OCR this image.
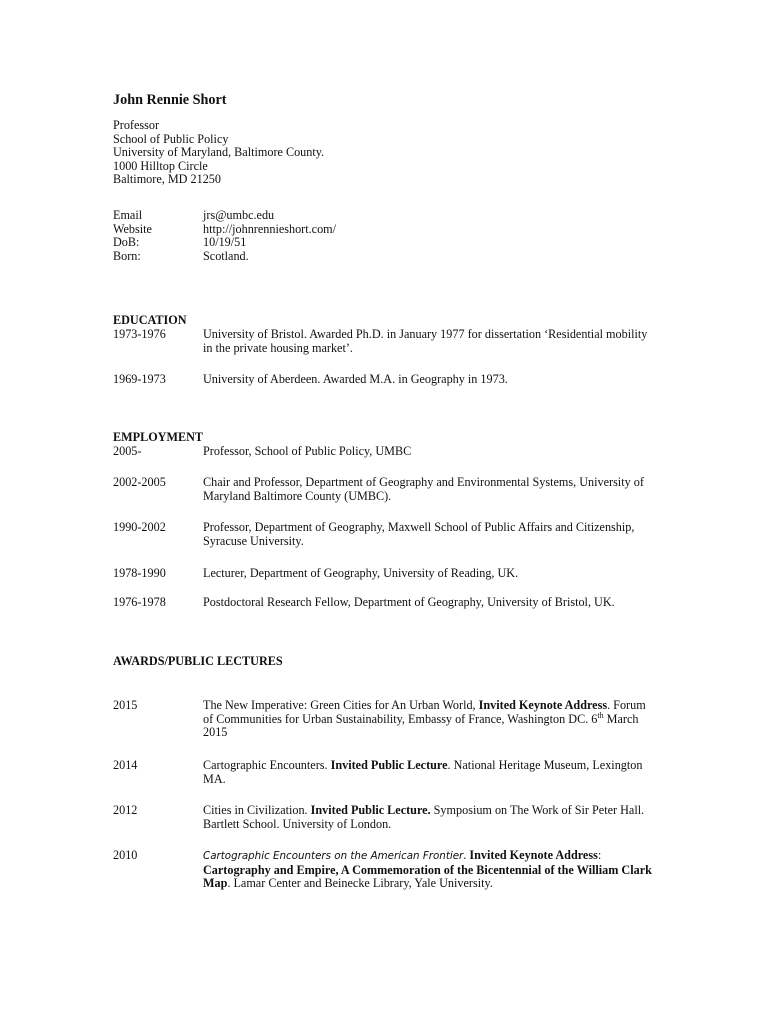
John Rennie Short
Professor
School of Public Policy
University of Maryland, Baltimore County.
1000 Hilltop Circle
Baltimore, MD 21250
Email	jrs@umbc.edu
Website	http://johnrennieshort.com/
DoB:	10/19/51
Born:	Scotland.
EDUCATION
1973-1976	University of Bristol. Awarded Ph.D. in January 1977 for dissertation ‘Residential mobility in the private housing market’.
1969-1973	University of Aberdeen. Awarded M.A. in Geography in 1973.
EMPLOYMENT
2005-	Professor, School of Public Policy, UMBC
2002-2005	Chair and Professor, Department of Geography and Environmental Systems, University of Maryland Baltimore County (UMBC).
1990-2002	Professor, Department of Geography, Maxwell School of Public Affairs and Citizenship, Syracuse University.
1978-1990	Lecturer, Department of Geography, University of Reading, UK.
1976-1978	Postdoctoral Research Fellow, Department of Geography, University of Bristol, UK.
AWARDS/PUBLIC LECTURES
2015	The New Imperative: Green Cities for An Urban World, Invited Keynote Address. Forum of Communities for Urban Sustainability, Embassy of France, Washington DC. 6th March 2015
2014	Cartographic Encounters. Invited Public Lecture. National Heritage Museum, Lexington MA.
2012	Cities in Civilization. Invited Public Lecture. Symposium on The Work of Sir Peter Hall. Bartlett School. University of London.
2010	Cartographic Encounters on the American Frontier. Invited Keynote Address: Cartography and Empire, A Commemoration of the Bicentennial of the William Clark Map. Lamar Center and Beinecke Library, Yale University.
